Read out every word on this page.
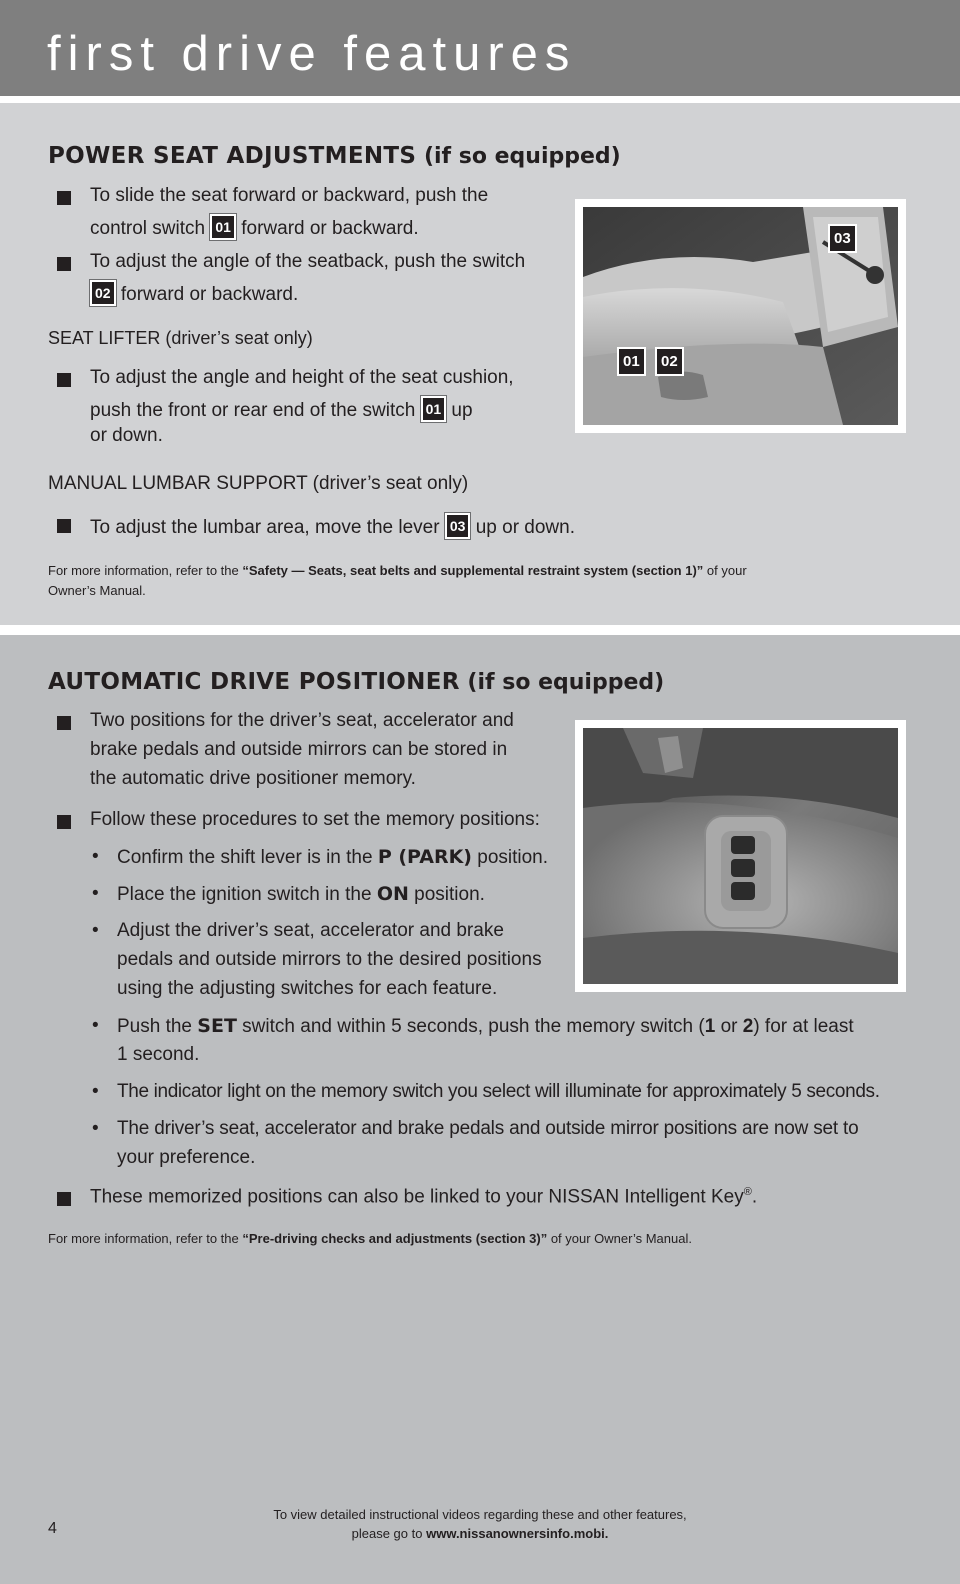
first drive features
POWER SEAT ADJUSTMENTS (if so equipped)
To slide the seat forward or backward, push the
control switch 01 forward or backward.
To adjust the angle of the seatback, push the switch
02 forward or backward.
SEAT LIFTER (driver’s seat only)
To adjust the angle and height of the seat cushion,
push the front or rear end of the switch 01 up
or down.
MANUAL LUMBAR SUPPORT (driver’s seat only)
To adjust the lumbar area, move the lever 03 up or down.
For more information, refer to the “Safety — Seats, seat belts and supplemental restraint system (section 1)” of your
Owner’s Manual.
03
01	02
AUTOMATIC DRIVE POSITIONER (if so equipped)
Two positions for the driver’s seat, accelerator and
brake pedals and outside mirrors can be stored in
the automatic drive positioner memory.
Follow these procedures to set the memory positions:
• Confirm the shift lever is in the P (PARK) position.
• Place the ignition switch in the ON position.
• Adjust the driver’s seat, accelerator and brake
pedals and outside mirrors to the desired positions
using the adjusting switches for each feature.
• Push the SET switch and within 5 seconds, push the memory switch (1 or 2) for at least
1 second.
• The indicator light on the memory switch you select will illuminate for approximately 5 seconds.
• The driver’s seat, accelerator and brake pedals and outside mirror positions are now set to
your preference.
These memorized positions can also be linked to your NISSAN Intelligent Key®.
For more information, refer to the “Pre-driving checks and adjustments (section 3)” of your Owner’s Manual.
4
To view detailed instructional videos regarding these and other features,
please go to www.nissanownersinfo.mobi.
